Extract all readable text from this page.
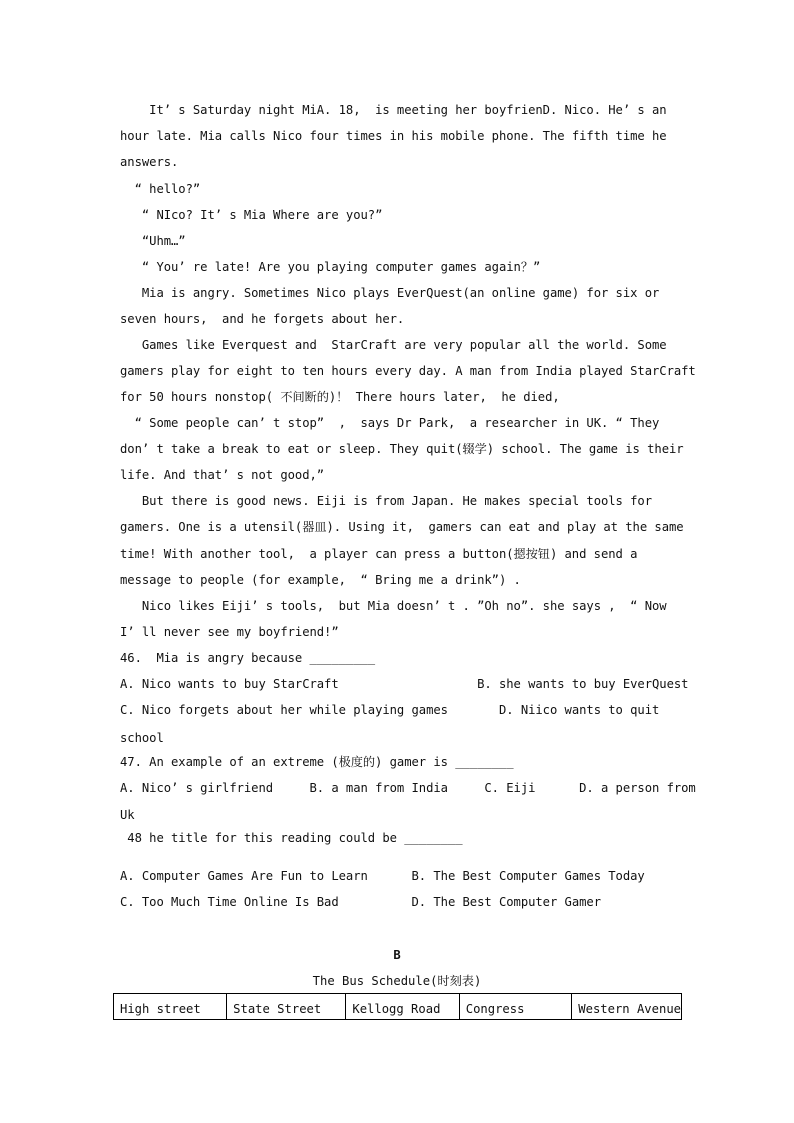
It’ s Saturday night MiA. 18,  is meeting her boyfrienD. Nico. He’ s an
hour late. Mia calls Nico four times in his mobile phone. The fifth time he
answers.
“ hello?”
“ NIco? It’ s Mia Where are you?”
“Uhm…”
“ You’ re late! Are you playing computer games again？”
Mia is angry. Sometimes Nico plays EverQuest(an online game) for six or
seven hours,  and he forgets about her.
Games like Everquest and  StarCraft are very popular all the world. Some
gamers play for eight to ten hours every day. A man from India played StarCraft
for 50 hours nonstop( 不间断的)！ There hours later,  he died,
“ Some people can’ t stop”  ,  says Dr Park,  a researcher in UK. “ They
don’ t take a break to eat or sleep. They quit(辍学) school. The game is their
life. And that’ s not good,”
But there is good news. Eiji is from Japan. He makes special tools for
gamers. One is a utensil(器皿). Using it,  gamers can eat and play at the same
time! With another tool,  a player can press a button(摁按钮) and send a
message to people (for example,  “ Bring me a drink”) .
Nico likes Eiji’ s tools,  but Mia doesn’ t . ”Oh no”. she says ,  “ Now
I’ ll never see my boyfriend!”
46.  Mia is angry because _________
A. Nico wants to buy StarCraft                   B. she wants to buy EverQuest
C. Nico forgets about her while playing games       D. Niico wants to quit
school
47. An example of an extreme (极度的) gamer is ________
A. Nico’ s girlfriend     B. a man from India     C. Eiji      D. a person from
Uk
48 he title for this reading could be ________
A. Computer Games Are Fun to Learn      B. The Best Computer Games Today
C. Too Much Time Online Is Bad          D. The Best Computer Gamer
B
The Bus Schedule(时刻表)
High street	State Street	Kellogg Road	Congress	Western Avenue
